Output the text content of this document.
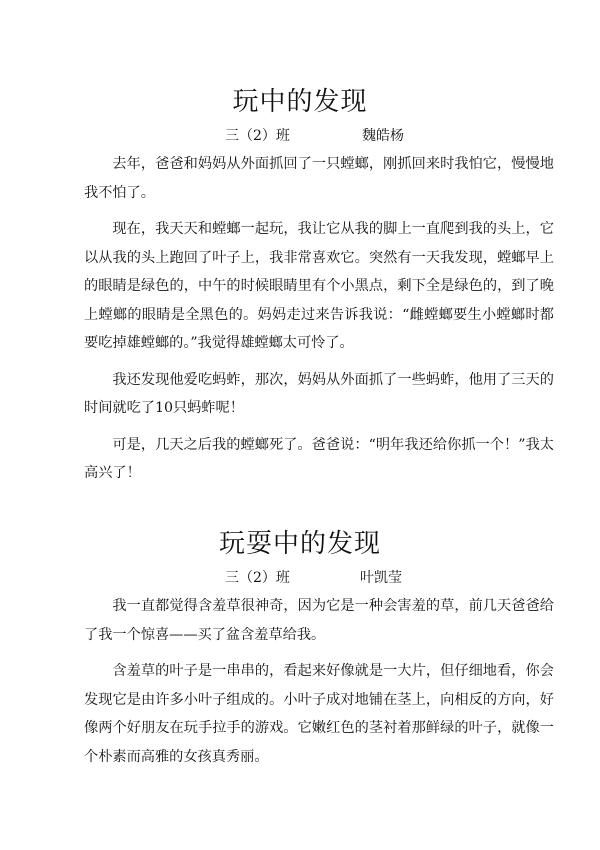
玩中的发现
三（2）班	魏皓杨

去年，爸爸和妈妈从外面抓回了一只螳螂，刚抓回来时我怕它，慢慢地我不怕了。

现在，我天天和螳螂一起玩，我让它从我的脚上一直爬到我的头上，它以从我的头上跑回了叶子上，我非常喜欢它。突然有一天我发现，螳螂早上的眼睛是绿色的，中午的时候眼睛里有个小黑点，剩下全是绿色的，到了晚上螳螂的眼睛是全黑色的。妈妈走过来告诉我说：“雌螳螂要生小螳螂时都要吃掉雄螳螂的。”我觉得雄螳螂太可怜了。

我还发现他爱吃蚂蚱，那次，妈妈从外面抓了一些蚂蚱，他用了三天的时间就吃了10只蚂蚱呢！

可是，几天之后我的螳螂死了。爸爸说：“明年我还给你抓一个！”我太高兴了！

玩耍中的发现
三（2）班	叶凯莹

我一直都觉得含羞草很神奇，因为它是一种会害羞的草，前几天爸爸给了我一个惊喜——买了盆含羞草给我。

含羞草的叶子是一串串的，看起来好像就是一大片，但仔细地看，你会发现它是由许多小叶子组成的。小叶子成对地铺在茎上，向相反的方向，好像两个好朋友在玩手拉手的游戏。它嫩红色的茎衬着那鲜绿的叶子，就像一个朴素而高雅的女孩真秀丽。
